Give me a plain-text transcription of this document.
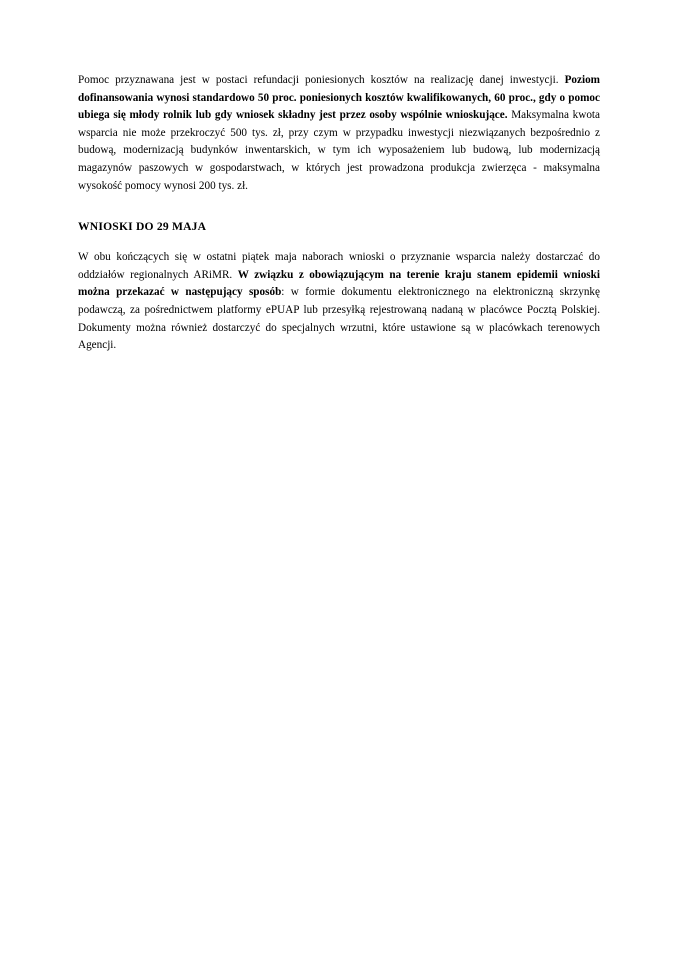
Pomoc przyznawana jest w postaci refundacji poniesionych kosztów na realizację danej inwestycji. Poziom dofinansowania wynosi standardowo 50 proc. poniesionych kosztów kwalifikowanych, 60 proc., gdy o pomoc ubiega się młody rolnik lub gdy wniosek składny jest przez osoby wspólnie wnioskujące. Maksymalna kwota wsparcia nie może przekroczyć 500 tys. zł, przy czym w przypadku inwestycji niezwiązanych bezpośrednio z budową, modernizacją budynków inwentarskich, w tym ich wyposażeniem lub budową, lub modernizacją magazynów paszowych w gospodarstwach, w których jest prowadzona produkcja zwierzęca - maksymalna wysokość pomocy wynosi 200 tys. zł.

WNIOSKI DO 29 MAJA

W obu kończących się w ostatni piątek maja naborach wnioski o przyznanie wsparcia należy dostarczać do oddziałów regionalnych ARiMR. W związku z obowiązującym na terenie kraju stanem epidemii wnioski można przekazać w następujący sposób: w formie dokumentu elektronicznego na elektroniczną skrzynkę podawczą, za pośrednictwem platformy ePUAP lub przesyłką rejestrowaną nadaną w placówce Pocztą Polskiej. Dokumenty można również dostarczyć do specjalnych wrzutni, które ustawione są w placówkach terenowych Agencji.
